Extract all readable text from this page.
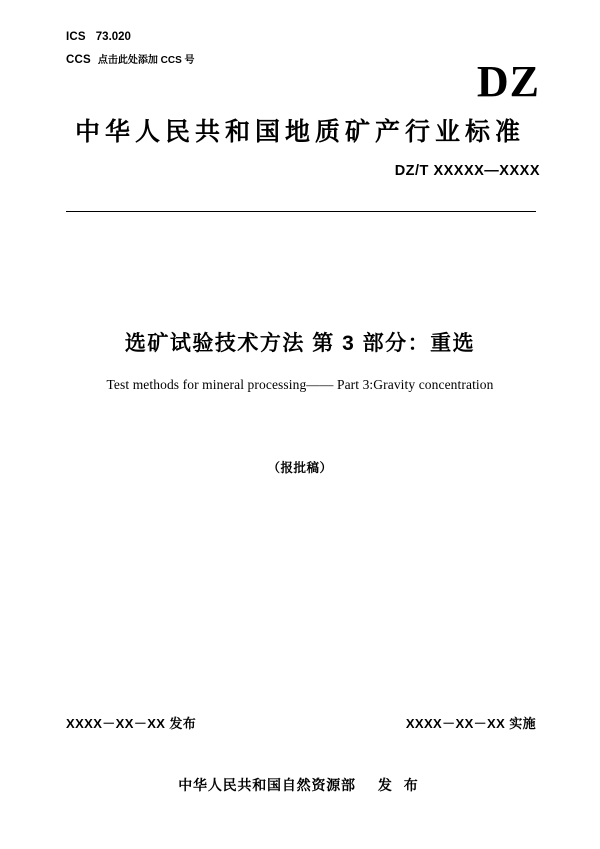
ICS 73.020
CCS 点击此处添加 CCS 号	DZ
中华人民共和国地质矿产行业标准
DZ/T XXXXX—XXXX
选矿试验技术方法 第 3 部分：重选
Test methods for mineral processing—— Part 3:Gravity concentration
（报批稿）
XXXX－XX－XX 发布	XXXX－XX－XX 实施
中华人民共和国自然资源部 发 布
